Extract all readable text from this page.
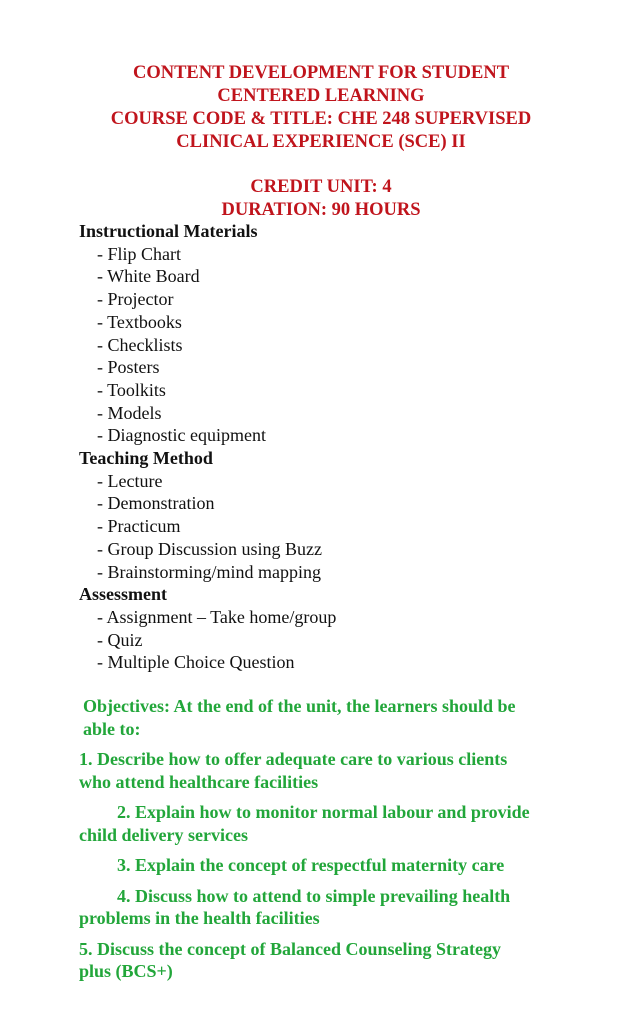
CONTENT DEVELOPMENT FOR STUDENT
CENTERED LEARNING
COURSE CODE & TITLE: CHE 248 SUPERVISED
CLINICAL EXPERIENCE (SCE) II
CREDIT UNIT: 4
DURATION: 90 HOURS
Instructional Materials
- Flip Chart
- White Board
- Projector
- Textbooks
- Checklists
- Posters
- Toolkits
- Models
- Diagnostic equipment
Teaching Method
- Lecture
- Demonstration
- Practicum
- Group Discussion using Buzz
- Brainstorming/mind mapping
Assessment
- Assignment – Take home/group
- Quiz
- Multiple Choice Question
Objectives: At the end of the unit, the learners should be
able to:
1. Describe how to offer adequate care to various clients
who attend healthcare facilities
2. Explain how to monitor normal labour and provide
child delivery services
3. Explain the concept of respectful maternity care
4. Discuss how to attend to simple prevailing health
problems in the health facilities
5. Discuss the concept of Balanced Counseling Strategy
plus (BCS+)
